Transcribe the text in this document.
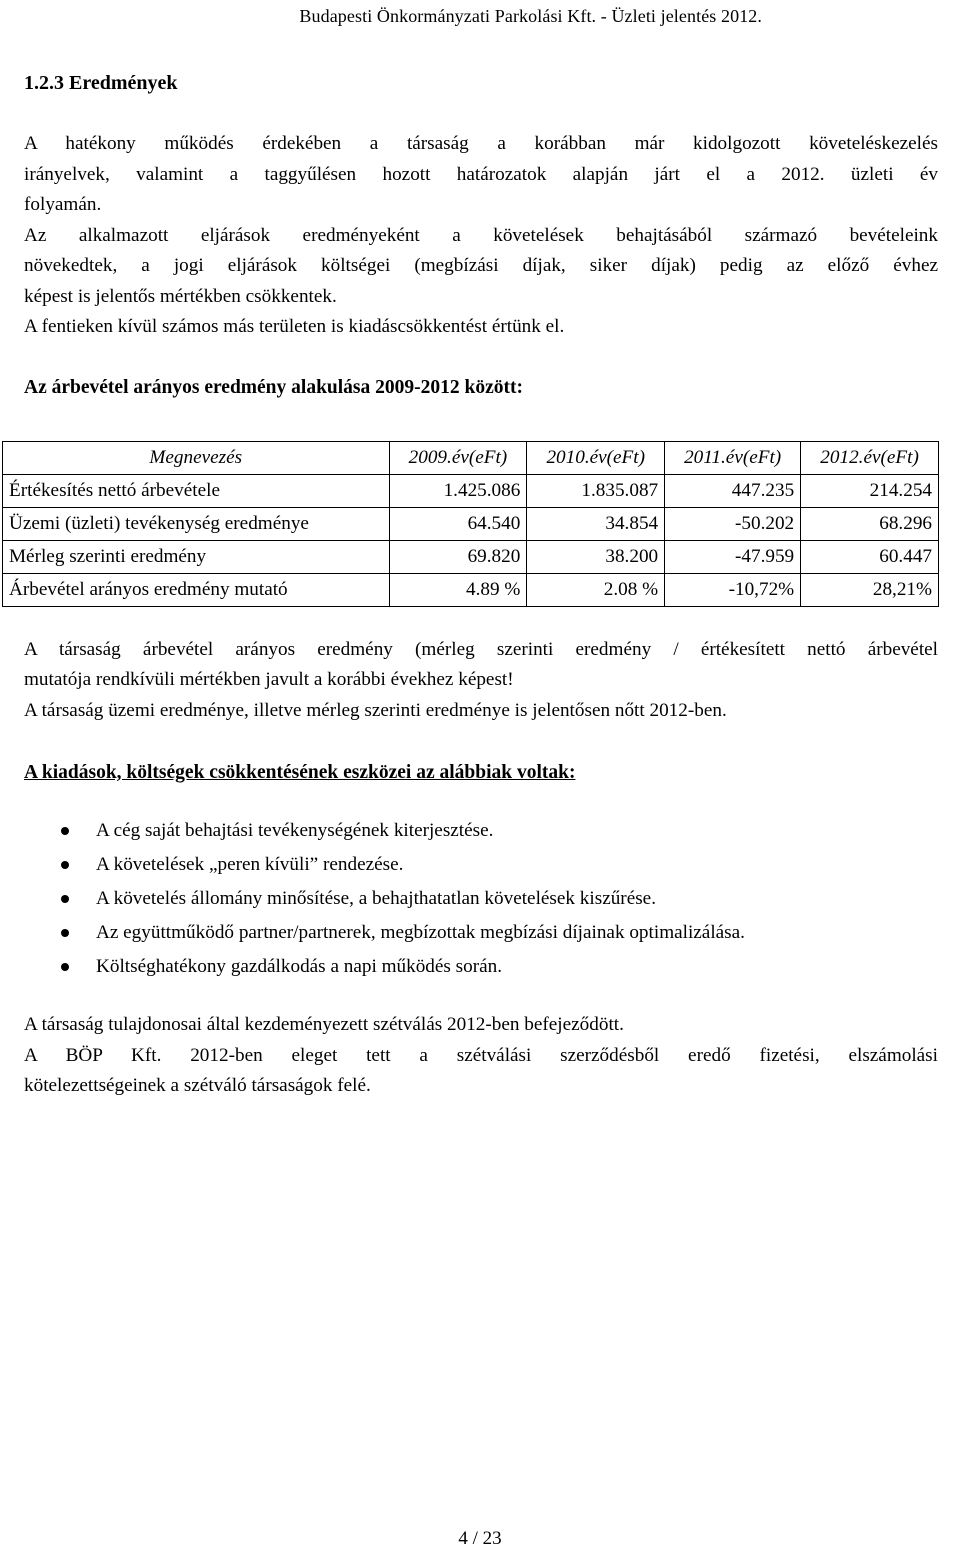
Budapesti Önkormányzati Parkolási Kft. - Üzleti jelentés 2012.
1.2.3 Eredmények

A hatékony működés érdekében a társaság a korábban már kidolgozott követeléskezelés

irányelvek, valamint a taggyűlésen hozott határozatok alapján járt el a 2012. üzleti év

folyamán.

Az alkalmazott eljárások eredményeként a követelések behajtásából származó bevételeink

növekedtek, a jogi eljárások költségei (megbízási díjak, siker díjak) pedig az előző évhez

képest is jelentős mértékben csökkentek.

A fentieken kívül számos más területen is kiadáscsökkentést értünk el.

Az árbevétel arányos eredmény alakulása 2009-2012 között:
Megnevezés	2009.év(eFt)	2010.év(eFt)	2011.év(eFt)	2012.év(eFt)
Értékesítés nettó árbevétele	1.425.086	1.835.087	447.235	214.254
Üzemi (üzleti) tevékenység eredménye	64.540	34.854	-50.202	68.296
Mérleg szerinti eredmény	69.820	38.200	-47.959	60.447
Árbevétel arányos eredmény mutató	4.89 %	2.08 %	-10,72%	28,21%

A társaság árbevétel arányos eredmény (mérleg szerinti eredmény / értékesített nettó árbevétel

mutatója rendkívüli mértékben javult a korábbi évekhez képest!

A társaság üzemi eredménye, illetve mérleg szerinti eredménye is jelentősen nőtt 2012-ben.

A kiadások, költségek csökkentésének eszközei az alábbiak voltak:
A cég saját behajtási tevékenységének kiterjesztése.
A követelések „peren kívüli” rendezése.
A követelés állomány minősítése, a behajthatatlan követelések kiszűrése.
Az együttműködő partner/partnerek, megbízottak megbízási díjainak optimalizálása.
Költséghatékony gazdálkodás a napi működés során.

A társaság tulajdonosai által kezdeményezett szétválás 2012-ben befejeződött.

A BÖP Kft. 2012-ben eleget tett a szétválási szerződésből eredő fizetési, elszámolási

kötelezettségeinek a szétváló társaságok felé.

4 / 23
